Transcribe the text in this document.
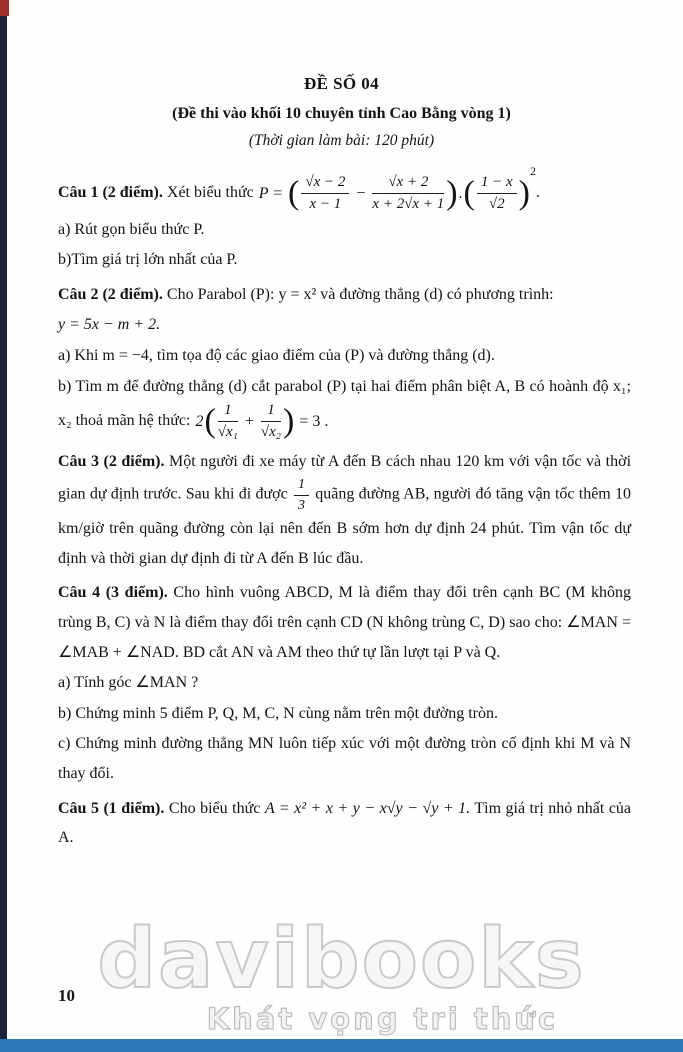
ĐỀ SỐ 04
(Đề thi vào khối 10 chuyên tỉnh Cao Bằng vòng 1)

(Thời gian làm bài: 120 phút)

Câu 1 (2 điểm). Xét biểu thức P = ( $\frac{√x - 2}{x - 1} - \frac{√x + 2}{x + 2√x + 1}$ ).( $\frac{1 - x}{√2} )^2$.

a) Rút gọn biểu thức P.

b)Tìm giá trị lớn nhất của P.

Câu 2 (2 điểm). Cho Parabol (P): y = x² và đường thẳng (d) có phương trình:

y = 5x − m + 2.

a) Khi m = −4, tìm tọa độ các giao điểm của (P) và đường thẳng (d).

b) Tìm m để đường thẳng (d) cắt parabol (P) tại hai điểm phân biệt A, B có hoành độ x₁; x₂ thoả mãn hệ thức: $2( \frac{1}{\text{√x₁}} + \frac{1}{\text{√x₂}}$ ) = 3 .

Câu 3 (2 điểm). Một người đi xe máy từ A đến B cách nhau 120 km với vận tốc và thời gian dự định trước. Sau khi đi được $\frac{1}{3}$ quãng đường AB, người đó tăng vận tốc thêm 10 km/giờ trên quãng đường còn lại nên đến B sớm hơn dự định 24 phút. Tìm vận tốc dự định và thời gian dự định đi từ A đến B lúc đầu.

Câu 4 (3 điểm). Cho hình vuông ABCD, M là điểm thay đổi trên cạnh BC (M không trùng B, C) và N là điểm thay đổi trên cạnh CD (N không trùng C, D) sao cho: ∠MAN = ∠MAB + ∠NAD. BD cắt AN và AM theo thứ tự lần lượt tại P và Q.

a) Tính góc ∠MAN ?

b) Chứng minh 5 điểm P, Q, M, C, N cùng nằm trên một đường tròn.

c) Chứng minh đường thẳng MN luôn tiếp xúc với một đường tròn cố định khi M và N thay đổi.

Câu 5 (1 điểm). Cho biểu thức A = x² + x + y − x√y − √y + 1. Tìm giá trị nhỏ nhất của A.

davibooks
Khát vọng tri thức
10
